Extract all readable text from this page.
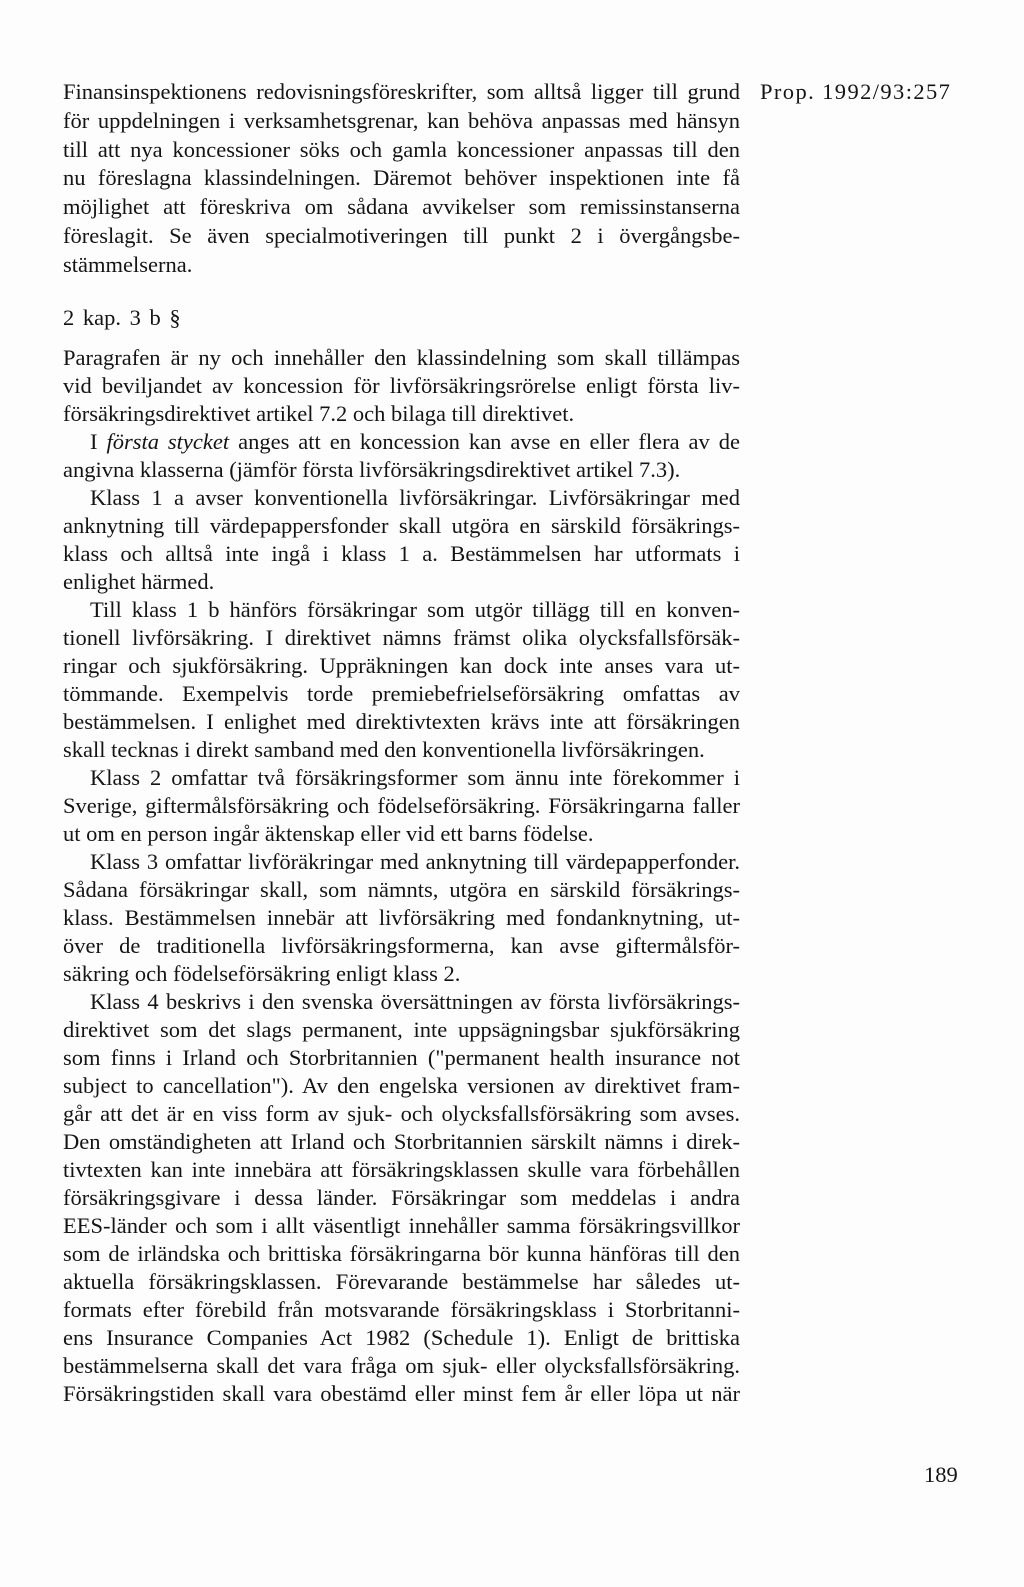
Prop. 1992/93:257
Finansinspektionens redovisningsföreskrifter, som alltså ligger till grund
för uppdelningen i verksamhetsgrenar, kan behöva anpassas med hänsyn
till att nya koncessioner söks och gamla koncessioner anpassas till den
nu föreslagna klassindelningen. Däremot behöver inspektionen inte få
möjlighet att föreskriva om sådana avvikelser som remissinstanserna
föreslagit. Se även specialmotiveringen till punkt 2 i övergångsbe-
stämmelserna.
2 kap. 3 b §
Paragrafen är ny och innehåller den klassindelning som skall tillämpas
vid beviljandet av koncession för livförsäkringsrörelse enligt första liv-
försäkringsdirektivet artikel 7.2 och bilaga till direktivet.
I första stycket anges att en koncession kan avse en eller flera av de
angivna klasserna (jämför första livförsäkringsdirektivet artikel 7.3).
Klass 1 a avser konventionella livförsäkringar. Livförsäkringar med
anknytning till värdepappersfonder skall utgöra en särskild försäkrings-
klass och alltså inte ingå i klass 1 a. Bestämmelsen har utformats i
enlighet härmed.
Till klass 1 b hänförs försäkringar som utgör tillägg till en konven-
tionell livförsäkring. I direktivet nämns främst olika olycksfallsförsäk-
ringar och sjukförsäkring. Uppräkningen kan dock inte anses vara ut-
tömmande. Exempelvis torde premiebefrielseförsäkring omfattas av
bestämmelsen. I enlighet med direktivtexten krävs inte att försäkringen
skall tecknas i direkt samband med den konventionella livförsäkringen.
Klass 2 omfattar två försäkringsformer som ännu inte förekommer i
Sverige, giftermålsförsäkring och födelseförsäkring. Försäkringarna faller
ut om en person ingår äktenskap eller vid ett barns födelse.
Klass 3 omfattar livföräkringar med anknytning till värdepapperfonder.
Sådana försäkringar skall, som nämnts, utgöra en särskild försäkrings-
klass. Bestämmelsen innebär att livförsäkring med fondanknytning, ut-
över de traditionella livförsäkringsformerna, kan avse giftermålsför-
säkring och födelseförsäkring enligt klass 2.
Klass 4 beskrivs i den svenska översättningen av första livförsäkrings-
direktivet som det slags permanent, inte uppsägningsbar sjukförsäkring
som finns i Irland och Storbritannien ("permanent health insurance not
subject to cancellation"). Av den engelska versionen av direktivet fram-
går att det är en viss form av sjuk- och olycksfallsförsäkring som avses.
Den omständigheten att Irland och Storbritannien särskilt nämns i direk-
tivtexten kan inte innebära att försäkringsklassen skulle vara förbehållen
försäkringsgivare i dessa länder. Försäkringar som meddelas i andra
EES-länder och som i allt väsentligt innehåller samma försäkringsvillkor
som de irländska och brittiska försäkringarna bör kunna hänföras till den
aktuella försäkringsklassen. Förevarande bestämmelse har således ut-
formats efter förebild från motsvarande försäkringsklass i Storbritanni-
ens Insurance Companies Act 1982 (Schedule 1). Enligt de brittiska
bestämmelserna skall det vara fråga om sjuk- eller olycksfallsförsäkring.
Försäkringstiden skall vara obestämd eller minst fem år eller löpa ut när
189
